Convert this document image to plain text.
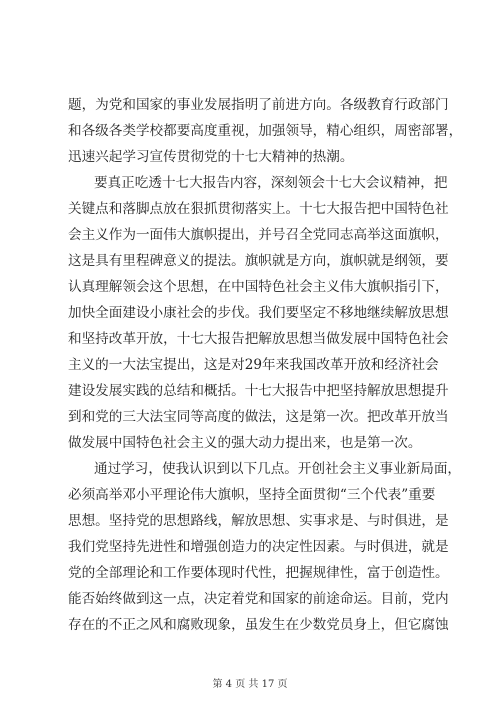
题，为党和国家的事业发展指明了前进方向。各级教育行政部门
和各级各类学校都要高度重视，加强领导，精心组织，周密部署，
迅速兴起学习宣传贯彻党的十七大精神的热潮。
要真正吃透十七大报告内容，深刻领会十七大会议精神，把
关键点和落脚点放在狠抓贯彻落实上。十七大报告把中国特色社
会主义作为一面伟大旗帜提出，并号召全党同志高举这面旗帜，
这是具有里程碑意义的提法。旗帜就是方向，旗帜就是纲领，要
认真理解领会这个思想，在中国特色社会主义伟大旗帜指引下，
加快全面建设小康社会的步伐。我们要坚定不移地继续解放思想
和坚持改革开放，十七大报告把解放思想当做发展中国特色社会
主义的一大法宝提出，这是对29年来我国改革开放和经济社会
建设发展实践的总结和概括。十七大报告中把坚持解放思想提升
到和党的三大法宝同等高度的做法，这是第一次。把改革开放当
做发展中国特色社会主义的强大动力提出来，也是第一次。
通过学习，使我认识到以下几点。开创社会主义事业新局面，
必须高举邓小平理论伟大旗帜，坚持全面贯彻“三个代表”重要
思想。坚持党的思想路线，解放思想、实事求是、与时俱进，是
我们党坚持先进性和增强创造力的决定性因素。与时俱进，就是
党的全部理论和工作要体现时代性，把握规律性，富于创造性。
能否始终做到这一点，决定着党和国家的前途命运。目前，党内
存在的不正之风和腐败现象，虽发生在少数党员身上，但它腐蚀
第 4 页 共 17 页
